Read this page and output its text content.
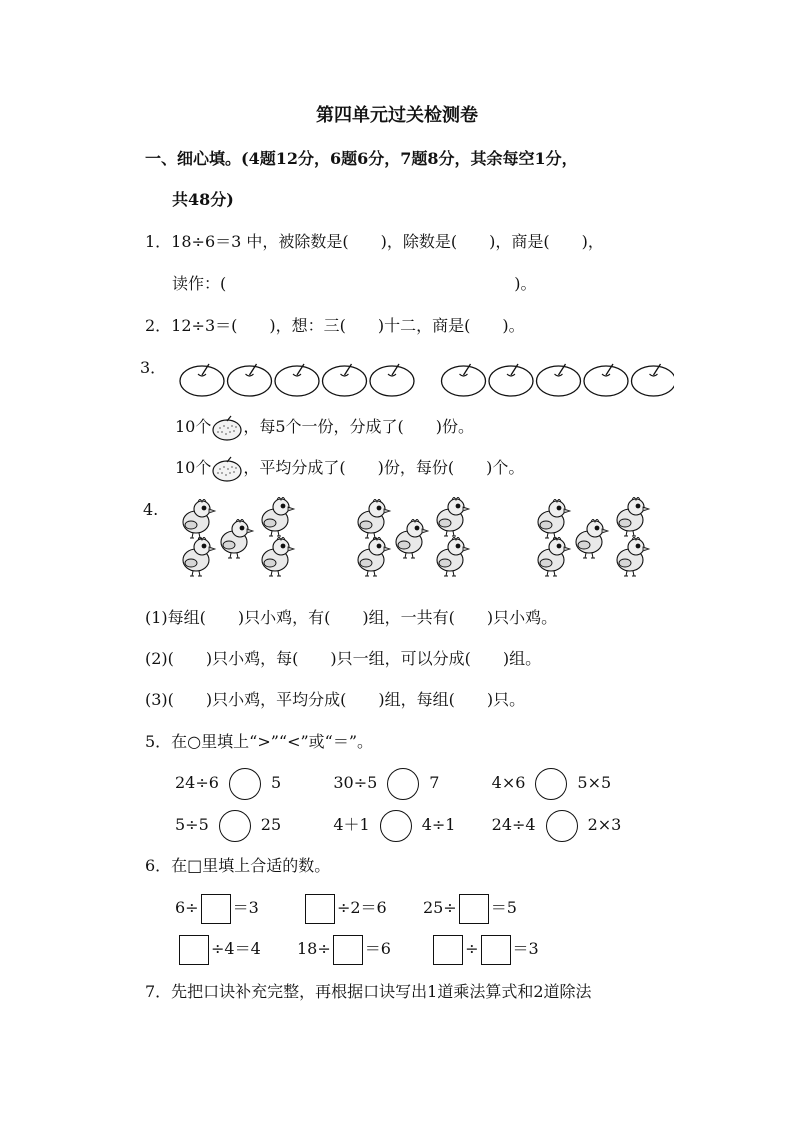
第四单元过关检测卷
一、细心填。(4题12分，6题6分，7题8分，其余每空1分，
共48分)
1．18÷6＝3 中，被除数是(　　)，除数是(　　)，商是(　　)，
读作：(　　　　　　　　　　　　　　　　　　)。
2．12÷3＝(　　)，想：三(　　)十二，商是(　　)。
3．
10个 ，每5个一份，分成了(　　)份。
10个 ，平均分成了(　　)份，每份(　　)个。
4.
(1)每组(　　)只小鸡，有(　　)组，一共有(　　)只小鸡。
(2)(　　)只小鸡，每(　　)只一组，可以分成(　　)组。
(3)(　　)只小鸡，平均分成(　　)组，每组(　　)只。
5．在○里填上“>”“<”或“＝”。
24÷6	5	30÷5	7	4×6	5×5
5÷5	25	4＋1	4÷1 24÷4	2×3
6．在□里填上合适的数。
6÷ ＝3	÷2＝6 25÷ ＝5
÷4＝4 18÷ ＝6	÷ ＝3
7．先把口诀补充完整，再根据口诀写出1道乘法算式和2道除法
